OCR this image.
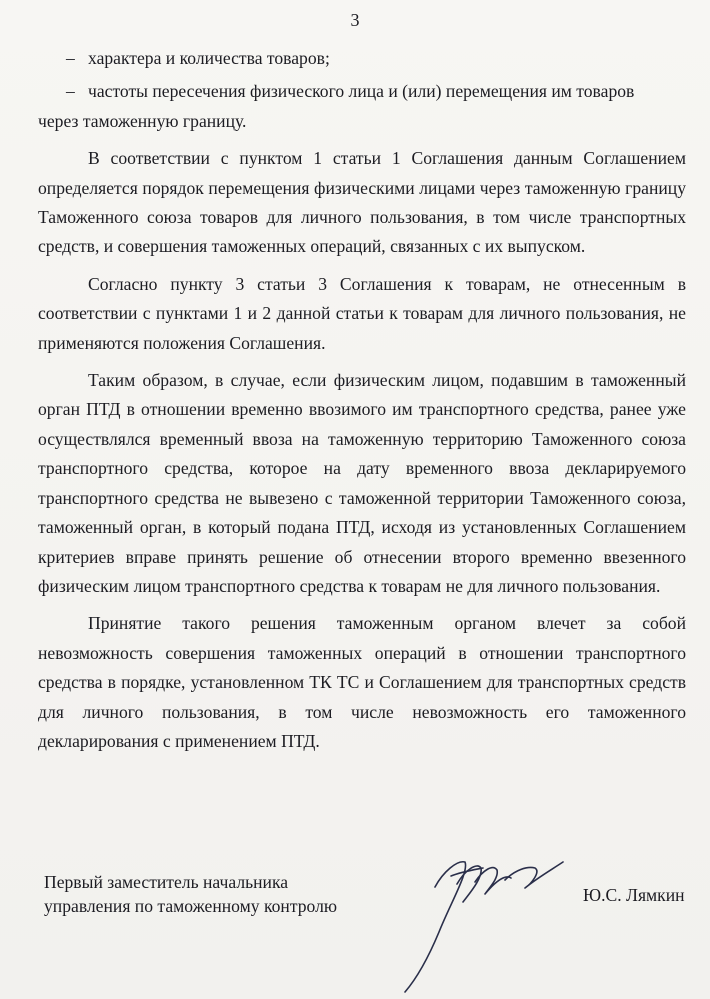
3
– характера и количества товаров;
– частоты пересечения физического лица и (или) перемещения им товаров

через таможенную границу.

В соответствии с пунктом 1 статьи 1 Соглашения данным Соглашением определяется порядок перемещения физическими лицами через таможенную границу Таможенного союза товаров для личного пользования, в том числе транспортных средств, и совершения таможенных операций, связанных с их выпуском.

Согласно пункту 3 статьи 3 Соглашения к товарам, не отнесенным в соответствии с пунктами 1 и 2 данной статьи к товарам для личного пользования, не применяются положения Соглашения.

Таким образом, в случае, если физическим лицом, подавшим в таможенный орган ПТД в отношении временно ввозимого им транспортного средства, ранее уже осуществлялся временный ввоза на таможенную территорию Таможенного союза транспортного средства, которое на дату временного ввоза декларируемого транспортного средства не вывезено с таможенной территории Таможенного союза, таможенный орган, в который подана ПТД, исходя из установленных Соглашением критериев вправе принять решение об отнесении второго временно ввезенного физическим лицом транспортного средства к товарам не для личного пользования.

Принятие такого решения таможенным органом влечет за собой невозможность совершения таможенных операций в отношении транспортного средства в порядке, установленном ТК ТС и Соглашением для транспортных средств для личного пользования, в том числе невозможность его таможенного декларирования с применением ПТД.

Первый заместитель начальника
управления по таможенному контролю
Ю.С. Лямкин
